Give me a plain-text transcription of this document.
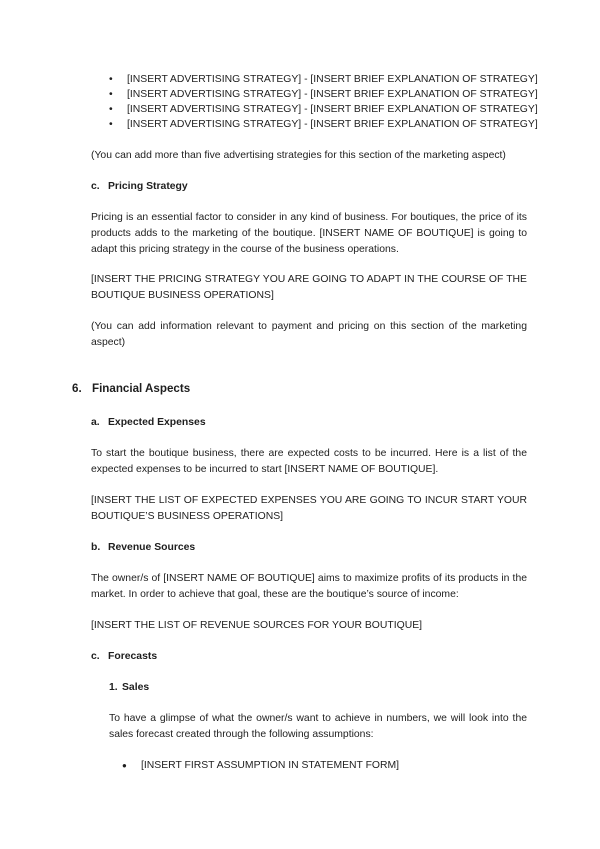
• [INSERT ADVERTISING STRATEGY] - [INSERT BRIEF EXPLANATION OF STRATEGY]
• [INSERT ADVERTISING STRATEGY] - [INSERT BRIEF EXPLANATION OF STRATEGY]
• [INSERT ADVERTISING STRATEGY] - [INSERT BRIEF EXPLANATION OF STRATEGY]
• [INSERT ADVERTISING STRATEGY] - [INSERT BRIEF EXPLANATION OF STRATEGY]

(You can add more than five advertising strategies for this section of the marketing aspect)

c. Pricing Strategy

Pricing is an essential factor to consider in any kind of business. For boutiques, the price of its products adds to the marketing of the boutique. [INSERT NAME OF BOUTIQUE] is going to adapt this pricing strategy in the course of the business operations.

[INSERT THE PRICING STRATEGY YOU ARE GOING TO ADAPT IN THE COURSE OF THE BOUTIQUE BUSINESS OPERATIONS]

(You can add information relevant to payment and pricing on this section of the marketing aspect)

6. Financial Aspects
a. Expected Expenses

To start the boutique business, there are expected costs to be incurred. Here is a list of the expected expenses to be incurred to start [INSERT NAME OF BOUTIQUE].

[INSERT THE LIST OF EXPECTED EXPENSES YOU ARE GOING TO INCUR START YOUR BOUTIQUE’S BUSINESS OPERATIONS]

b. Revenue Sources

The owner/s of [INSERT NAME OF BOUTIQUE] aims to maximize profits of its products in the market. In order to achieve that goal, these are the boutique’s source of income:

[INSERT THE LIST OF REVENUE SOURCES FOR YOUR BOUTIQUE]

c. Forecasts
1. Sales

To have a glimpse of what the owner/s want to achieve in numbers, we will look into the sales forecast created through the following assumptions:

● [INSERT FIRST ASSUMPTION IN STATEMENT FORM]
